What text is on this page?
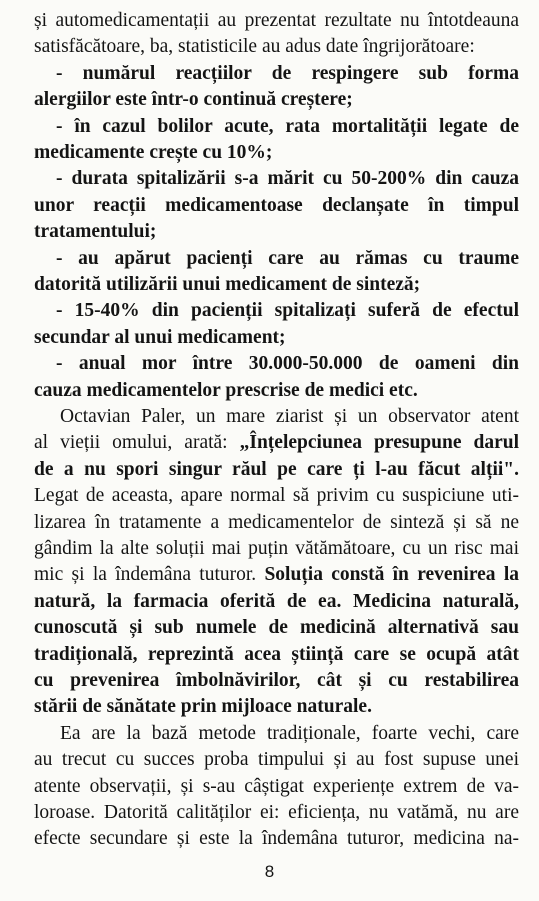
și automedicamentații au prezentat rezultate nu întotdeauna
satisfăcătoare, ba, statisticile au adus date îngrijorătoare:
- numărul reacțiilor de respingere sub forma
alergiilor este într-o continuă creștere;
- în cazul bolilor acute, rata mortalității legate de
medicamente crește cu 10%;
- durata spitalizării s-a mărit cu 50-200% din cauza
unor reacții medicamentoase declanșate în timpul
tratamentului;
- au apărut pacienți care au rămas cu traume
datorită utilizării unui medicament de sinteză;
- 15-40% din pacienții spitalizați suferă de efectul
secundar al unui medicament;
- anual mor între 30.000-50.000 de oameni din
cauza medicamentelor prescrise de medici etc.
Octavian Paler, un mare ziarist și un observator atent
al vieții omului, arată: „Înțelepciunea presupune darul
de a nu spori singur răul pe care ți l-au făcut alții".
Legat de aceasta, apare normal să privim cu suspiciune uti-
lizarea în tratamente a medicamentelor de sinteză și să ne
gândim la alte soluții mai puțin vătămătoare, cu un risc mai
mic și la îndemâna tuturor. Soluția constă în revenirea la
natură, la farmacia oferită de ea. Medicina naturală,
cunoscută și sub numele de medicină alternativă sau
tradițională, reprezintă acea știință care se ocupă atât
cu prevenirea îmbolnăvirilor, cât și cu restabilirea
stării de sănătate prin mijloace naturale.
Ea are la bază metode tradiționale, foarte vechi, care
au trecut cu succes proba timpului și au fost supuse unei
atente observații, și s-au câștigat experiențe extrem de va-
loroase. Datorită calităților ei: eficiența, nu vatămă, nu are
efecte secundare și este la îndemâna tuturor, medicina na-
8
